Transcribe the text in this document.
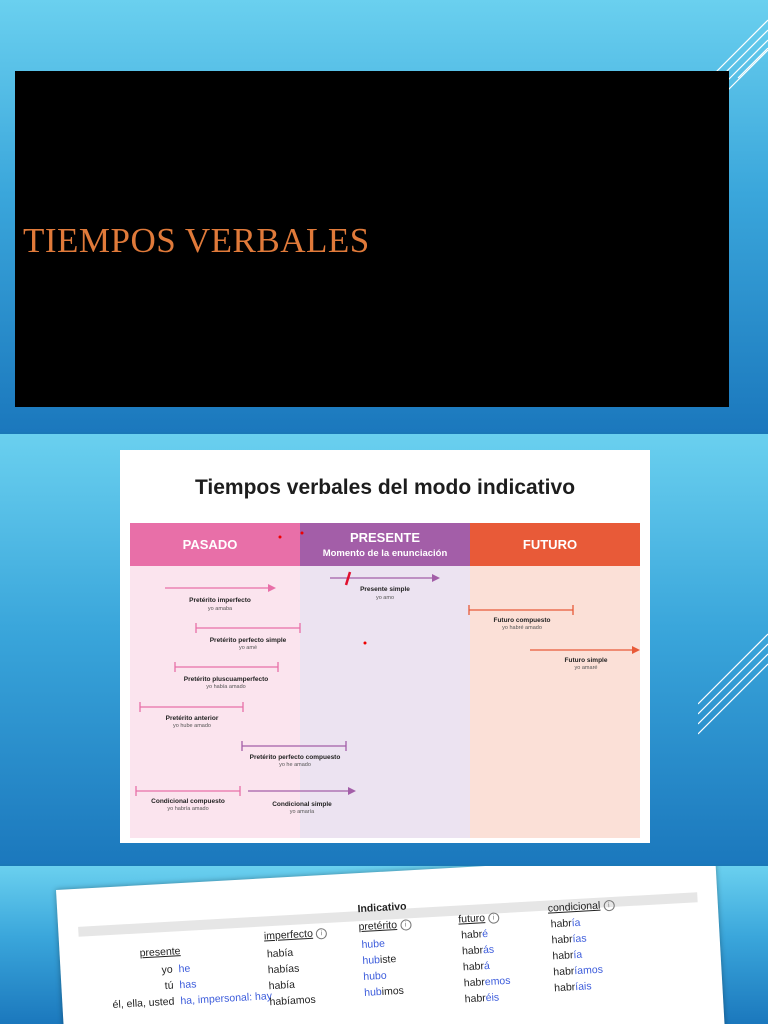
TIEMPOS VERBALES
Tiempos verbales del modo indicativo
PASADO	PRESENTE
Momento de la enunciación
FUTURO
Pretérito imperfecto
yo amaba
Presente simple
yo amo
Pretérito perfecto simple
yo amé
Futuro compuesto
yo habré amado
Futuro simple
yo amaré
Pretérito pluscuamperfecto
yo había amado
Pretérito anterior
yo hube amado
Pretérito perfecto compuesto
yo he amado
Condicional compuesto
yo habría amado
Condicional simple
yo amaría
Indicativo
presente
imperfecto i
pretérito i	futuro i
condicional i
yo
tú
él, ella, usted
he
has
ha, impersonal: hay
había
habías
había
habíamos
hube
hubiste
hubo
hubimos
habré
habrás
habrá
habremos
habréis
habría
habrías
habría
habríamos
habríais
